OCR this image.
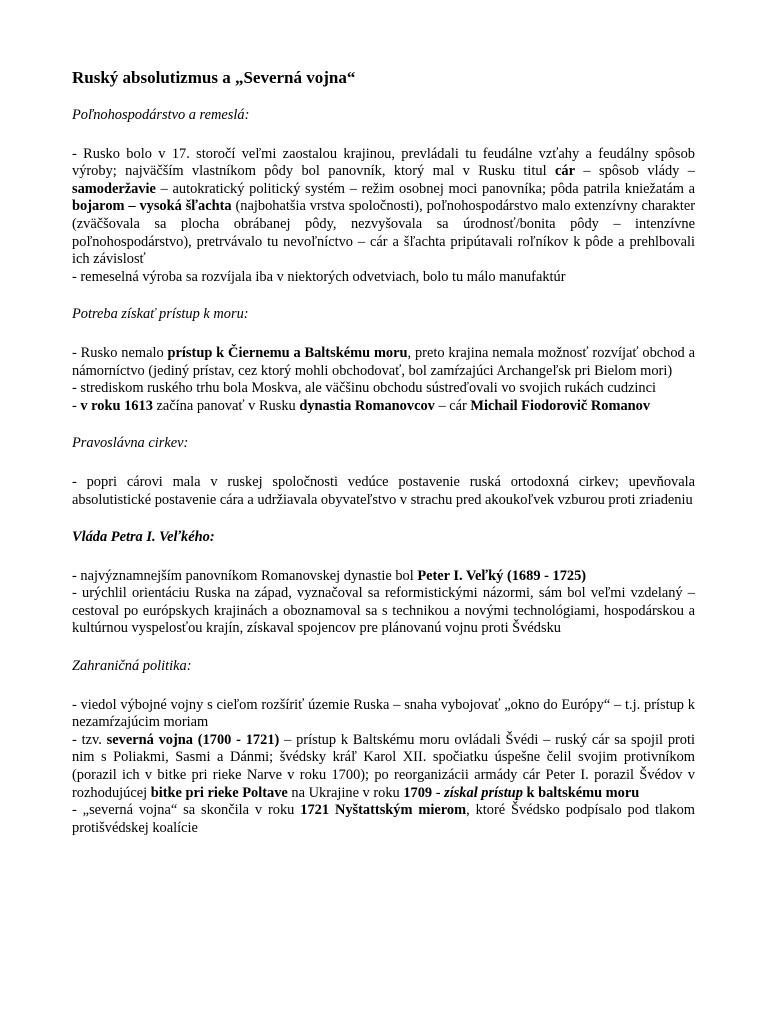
Ruský absolutizmus a „Severná vojna“
Poľnohospodárstvo a remeslá:
- Rusko bolo v 17. storočí veľmi zaostalou krajinou, prevládali tu feudálne vzťahy a feudálny spôsob výroby; najväčším vlastníkom pôdy bol panovník, ktorý mal v Rusku titul cár – spôsob vlády – samoderžavie – autokratický politický systém – režim osobnej moci panovníka; pôda patrila kniežatám a bojarom – vysoká šľachta (najbohatšia vrstva spoločnosti), poľnohospodárstvo malo extenzívny charakter (zväčšovala sa plocha obrábanej pôdy, nezvyšovala sa úrodnosť/bonita pôdy – intenzívne poľnohospodárstvo), pretrvávalo tu nevoľníctvo – cár a šľachta pripútavali roľníkov k pôde a prehlbovali ich závislosť
- remeselná výroba sa rozvíjala iba v niektorých odvetviach, bolo tu málo manufaktúr
Potreba získať prístup k moru:
- Rusko nemalo prístup k Čiernemu a Baltskému moru, preto krajina nemala možnosť rozvíjať obchod a námorníctvo (jediný prístav, cez ktorý mohli obchodovať, bol zamŕzajúci Archangeľsk pri Bielom mori)
- strediskom ruského trhu bola Moskva, ale väčšinu obchodu sústreďovali vo svojich rukách cudzinci
- v roku 1613 začína panovať v Rusku dynastia Romanovcov – cár Michail Fiodorovič Romanov
Pravoslávna cirkev:
- popri cárovi mala v ruskej spoločnosti vedúce postavenie ruská ortodoxná cirkev; upevňovala absolutistické postavenie cára a udržiavala obyvateľstvo v strachu pred akoukoľvek vzburou proti zriadeniu
Vláda Petra I. Veľkého:
- najvýznamnejším panovníkom Romanovskej dynastie bol Peter I. Veľký (1689 - 1725)
- urýchlil orientáciu Ruska na západ, vyznačoval sa reformistickými názormi, sám bol veľmi vzdelaný – cestoval po európskych krajinách a oboznamoval sa s technikou a novými technológiami, hospodárskou a kultúrnou vyspelosťou krajín, získaval spojencov pre plánovanú vojnu proti Švédsku
Zahraničná politika:
- viedol výbojné vojny s cieľom rozšíriť územie Ruska – snaha vybojovať „okno do Európy“ – t.j. prístup k nezamŕzajúcim moriam
- tzv. severná vojna (1700 - 1721) – prístup k Baltskému moru ovládali Švédi – ruský cár sa spojil proti nim s Poliakmi, Sasmi a Dánmi; švédsky kráľ Karol XII. spočiatku úspešne čelil svojim protivníkom (porazil ich v bitke pri rieke Narve v roku 1700); po reorganizácii armády cár Peter I. porazil Švédov v rozhodujúcej bitke pri rieke Poltave na Ukrajine v roku 1709 - získal prístup k baltskému moru
- „severná vojna“ sa skončila v roku 1721 Nyštattským mierom, ktoré Švédsko podpísalo pod tlakom protišvédskej koalície
